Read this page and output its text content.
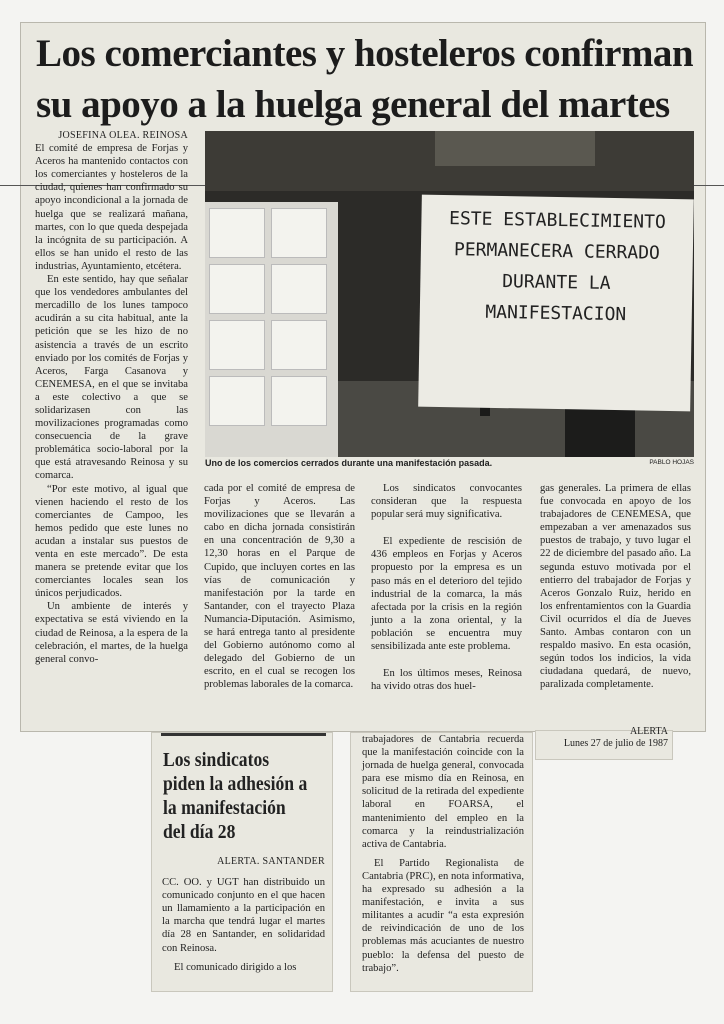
Los comerciantes y hosteleros confirman
su apoyo a la huelga general del martes

JOSEFINA OLEA. REINOSA

El comité de empresa de Forjas y Aceros ha mantenido contactos con los comerciantes y hosteleros de la ciudad, quienes han confirmado su apoyo incondicional a la jornada de huelga que se realizará mañana, martes, con lo que queda despejada la incógnita de su participación. A ellos se han unido el resto de las industrias, Ayuntamiento, etcétera.

En este sentido, hay que señalar que los vendedores ambulantes del mercadillo de los lunes tampoco acudirán a su cita habitual, ante la petición que se les hizo de no asistencia a través de un escrito enviado por los comités de Forjas y Aceros, Farga Casanova y CENEMESA, en el que se invitaba a este colectivo a que se solidarizasen con las movilizaciones programadas como consecuencia de la grave problemática socio-laboral por la que está atravesando Reinosa y su comarca.

“Por este motivo, al igual que vienen haciendo el resto de los comerciantes de Campoo, les hemos pedido que este lunes no acudan a instalar sus puestos de venta en este mercado”. De esta manera se pretende evitar que los comerciantes locales sean los únicos perjudicados.

Un ambiente de interés y expectativa se está viviendo en la ciudad de Reinosa, a la espera de la celebración, el martes, de la huelga general convo-

ESTE ESTABLECIMIENTO PERMANECERA CERRADO DURANTE LA MANIFESTACION

Uno de los comercios cerrados durante una manifestación pasada.	PABLO HOJAS

cada por el comité de empresa de Forjas y Aceros. Las movilizaciones que se llevarán a cabo en dicha jornada consistirán en una concentración de 9,30 a 12,30 horas en el Parque de Cupido, que incluyen cortes en las vías de comunicación y manifestación por la tarde en Santander, con el trayecto Plaza Numancia-Diputación. Asimismo, se hará entrega tanto al presidente del Gobierno autónomo como al delegado del Gobierno de un escrito, en el cual se recogen los problemas laborales de la comarca.

Los sindicatos convocantes consideran que la respuesta popular será muy significativa.

El expediente de rescisión de 436 empleos en Forjas y Aceros propuesto por la empresa es un paso más en el deterioro del tejido industrial de la comarca, la más afectada por la crisis en la región junto a la zona oriental, y la población se encuentra muy sensibilizada ante este problema.

En los últimos meses, Reinosa ha vivido otras dos huel-

gas generales. La primera de ellas fue convocada en apoyo de los trabajadores de CENEMESA, que empezaban a ver amenazados sus puestos de trabajo, y tuvo lugar el 22 de diciembre del pasado año. La segunda estuvo motivada por el entierro del trabajador de Forjas y Aceros Gonzalo Ruiz, herido en los enfrentamientos con la Guardia Civil ocurridos el día de Jueves Santo. Ambas contaron con un respaldo masivo. En esta ocasión, según todos los indicios, la vida ciudadana quedará, de nuevo, paralizada completamente.

ALERTA
Lunes 27 de julio de 1987

Los sindicatos piden la adhesión a la manifestación del día 28

ALERTA. SANTANDER

CC. OO. y UGT han distribuido un comunicado conjunto en el que hacen un llamamiento a la participación en la marcha que tendrá lugar el martes día 28 en Santander, en solidaridad con Reinosa.

El comunicado dirigido a los

trabajadores de Cantabria recuerda que la manifestación coincide con la jornada de huelga general, convocada para ese mismo día en Reinosa, en solicitud de la retirada del expediente laboral en FOARSA, el mantenimiento del empleo en la comarca y la reindustrialización activa de Cantabria.

El Partido Regionalista de Cantabria (PRC), en nota informativa, ha expresado su adhesión a la manifestación, e invita a sus militantes a acudir “a esta expresión de reivindicación de uno de los problemas más acuciantes de nuestro pueblo: la defensa del puesto de trabajo”.
